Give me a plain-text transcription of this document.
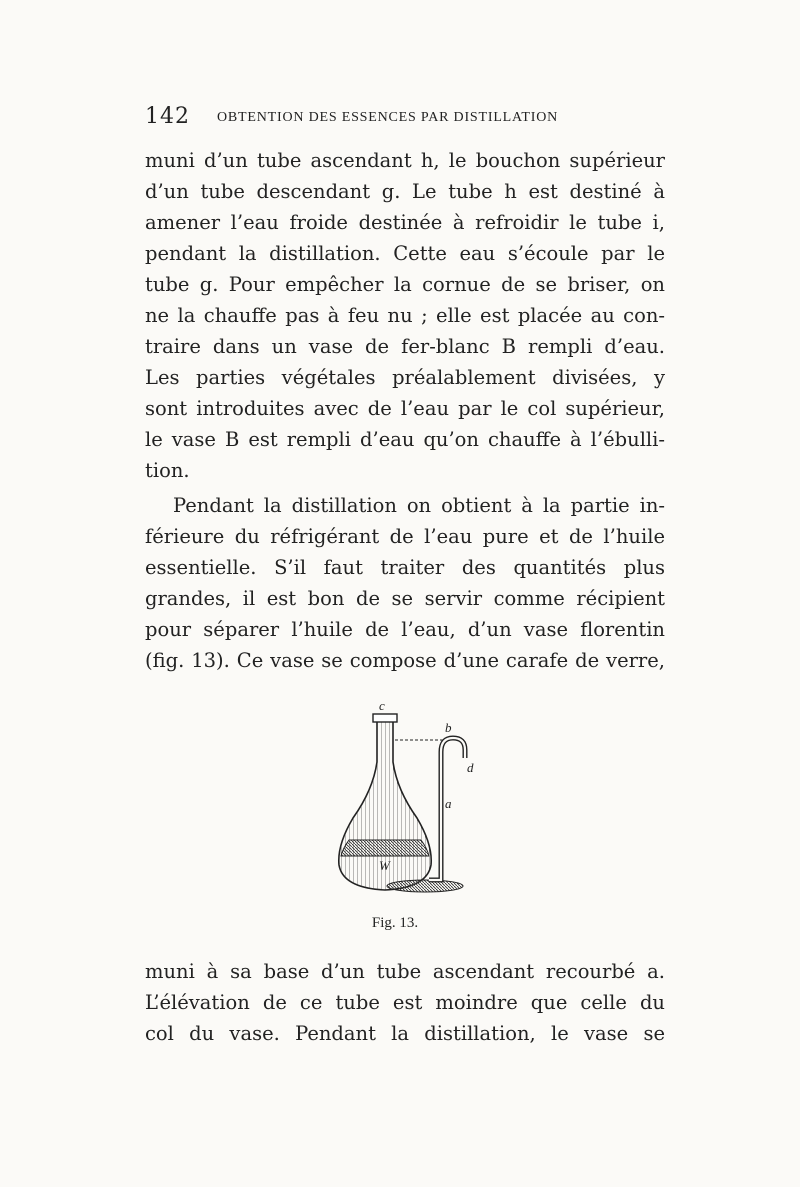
142 OBTENTION DES ESSENCES PAR DISTILLATION
muni d’un tube ascendant h, le bouchon supérieur
d’un tube descendant g. Le tube h est destiné à
amener l’eau froide destinée à refroidir le tube i,
pendant la distillation. Cette eau s’écoule par le
tube g. Pour empêcher la cornue de se briser, on
ne la chauffe pas à feu nu ; elle est placée au con-
traire dans un vase de fer-blanc B rempli d’eau.
Les parties végétales préalablement divisées, y
sont introduites avec de l’eau par le col supérieur,
le vase B est rempli d’eau qu’on chauffe à l’ébulli-
tion.
Pendant la distillation on obtient à la partie in-
férieure du réfrigérant de l’eau pure et de l’huile
essentielle. S’il faut traiter des quantités plus
grandes, il est bon de se servir comme récipient
pour séparer l’huile de l’eau, d’un vase florentin
(fig. 13). Ce vase se compose d’une carafe de verre,
c
b
d
a
W
Fig. 13.
muni à sa base d’un tube ascendant recourbé a.
L’élévation de ce tube est moindre que celle du
col du vase. Pendant la distillation, le vase se
